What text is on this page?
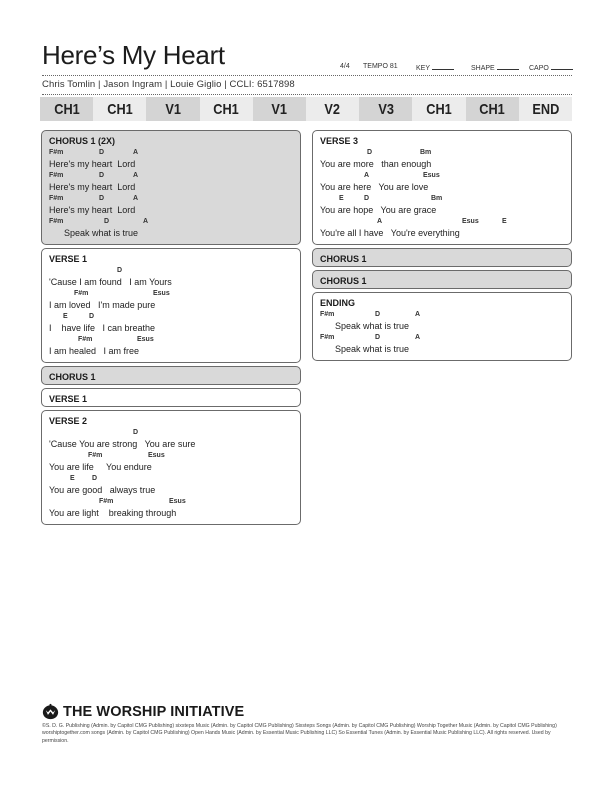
Here’s My Heart	4/4	TEMPO 81	KEY	SHAPE	CAPO
Chris Tomlin | Jason Ingram | Louie Giglio | CCLI: 6517898
CH1 CH1 V1 CH1 V1	V2	V3 CH1 CH1 END
CHORUS 1 (2X)
F#m	D	A
Here's my heart  Lord
F#m	D	A
Here's my heart  Lord
F#m	D	A
Here's my heart  Lord
F#m	D	A
Speak what is true
VERSE 1
D
'Cause I am found   I am Yours
F#m	Esus
I am loved   I'm made pure
E	D
I    have life   I can breathe
F#m	Esus
I am healed   I am free
CHORUS 1
VERSE 1
VERSE 2
D
'Cause You are strong   You are sure
F#m	Esus
You are life     You endure
E D
You are good   always true
F#m	Esus
You are light    breaking through
VERSE 3
D	Bm
You are more   than enough
A	Esus
You are here   You are love
E	D	Bm
You are hope   You are grace
A	Esus	E
You're all I have   You're everything
CHORUS 1
CHORUS 1
ENDING
F#m	D	A
Speak what is true
F#m	D	A
Speak what is true
THE WORSHIP INITIATIVE
©S. D. G. Publishing (Admin. by Capitol CMG Publishing) sixsteps Music (Admin. by Capitol CMG Publishing) Sixsteps Songs (Admin. by Capitol CMG Publishing) Worship Together Music (Admin. by Capitol CMG Publishing) worshiptogether.com songs (Admin. by Capitol CMG Publishing) Open Hands Music (Admin. by Essential Music Publishing LLC) So Essential Tunes (Admin. by Essential Music Publishing LLC). All rights reserved. Used by permission.
